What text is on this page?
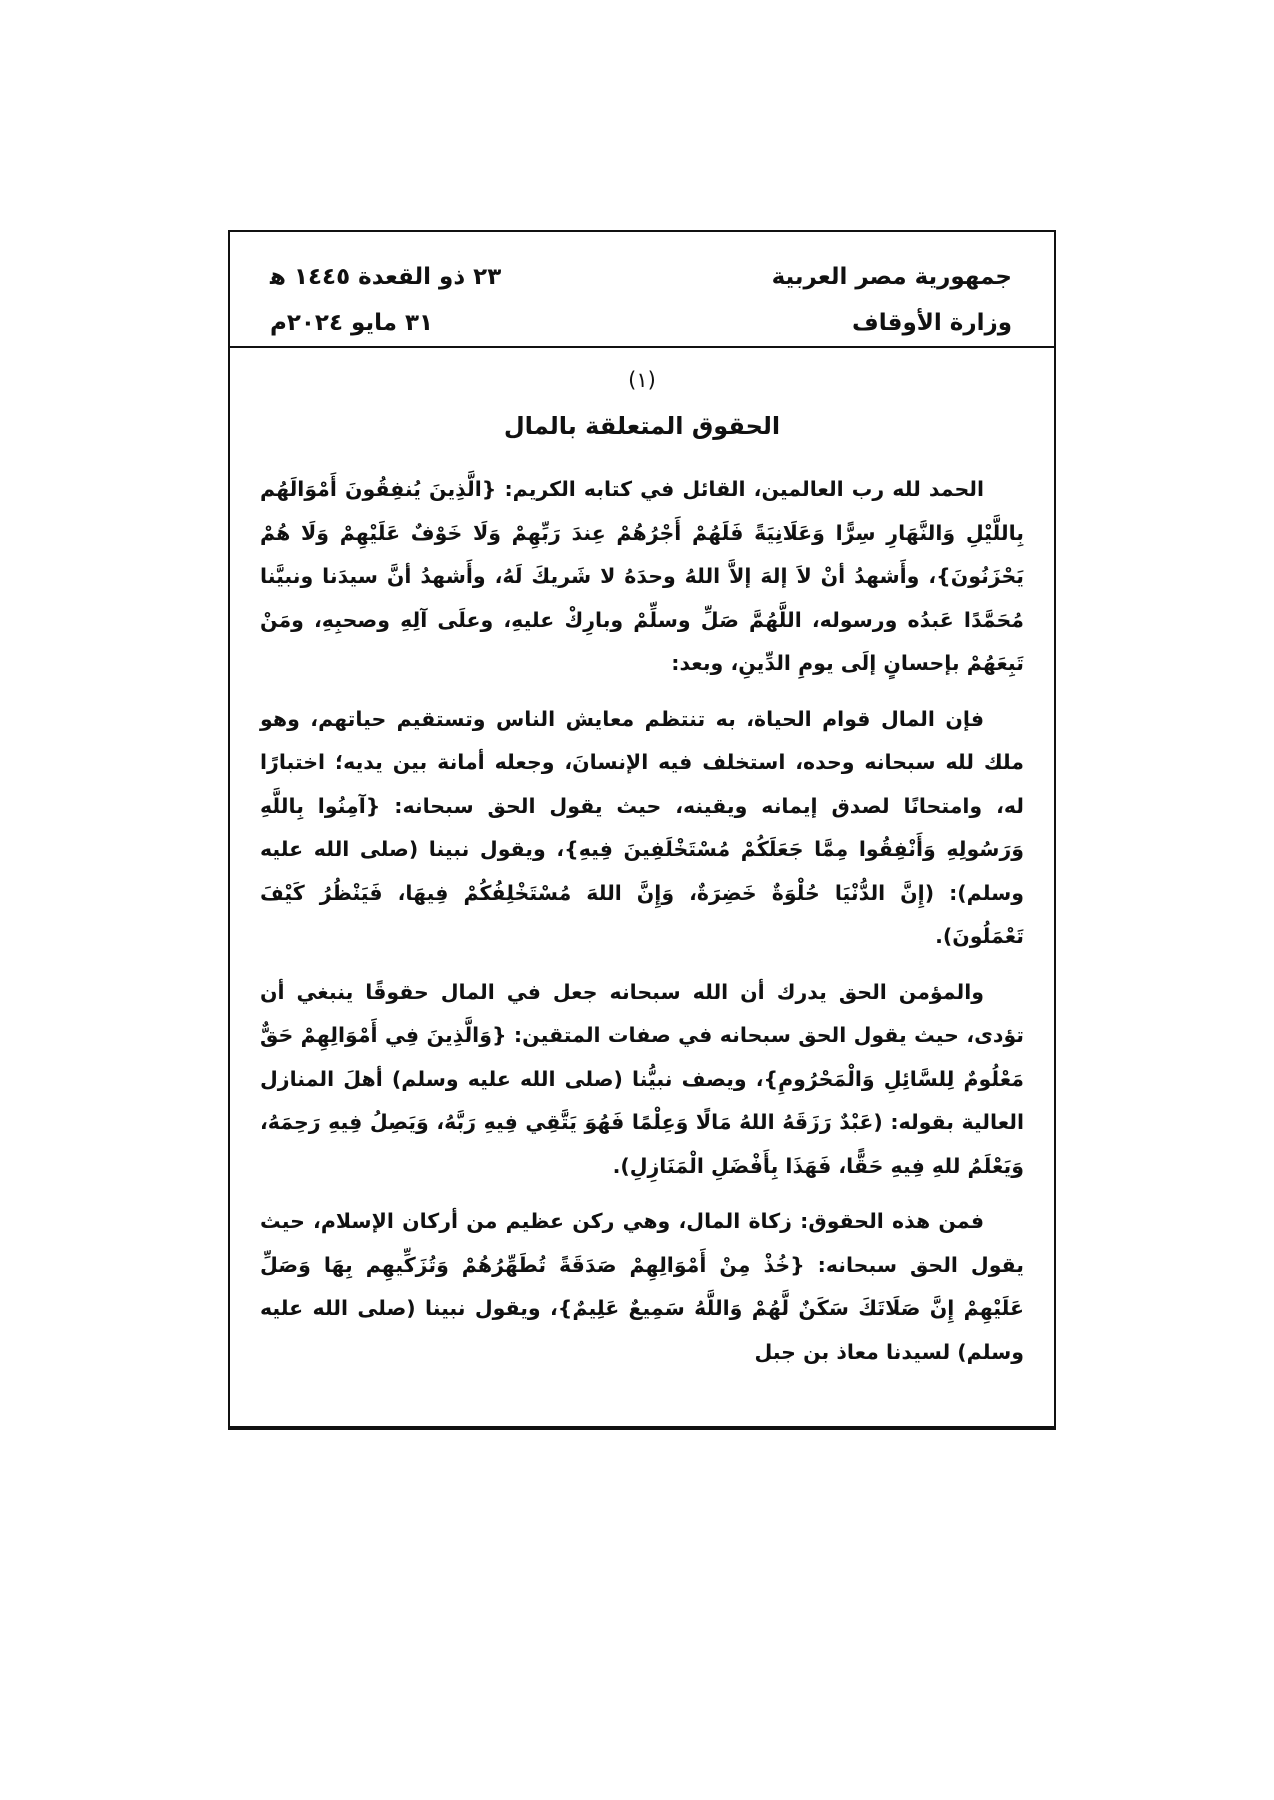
جمهورية مصر العربية
وزارة الأوقاف
٢٣ ذو القعدة ١٤٤٥ ﻫ
٣١ مايو ٢٠٢٤م
(١)
الحقوق المتعلقة بالمال

الحمد لله رب العالمين، القائل في كتابه الكريم: {الَّذِينَ يُنفِقُونَ أَمْوَالَهُم بِاللَّيْلِ وَالنَّهَارِ سِرًّا وَعَلَانِيَةً فَلَهُمْ أَجْرُهُمْ عِندَ رَبِّهِمْ وَلَا خَوْفٌ عَلَيْهِمْ وَلَا هُمْ يَحْزَنُونَ}، وأَشهدُ أنْ لاَ إلهَ إلاَّ اللهُ وحدَهُ لا شَريكَ لَهُ، وأَشهدُ أنَّ سيدَنا ونبيَّنا مُحَمَّدًا عَبدُه ورسوله، اللَّهُمَّ صَلِّ وسلِّمْ وبارِكْ عليهِ، وعلَى آلِهِ وصحبِهِ، ومَنْ تَبِعَهُمْ بإحسانٍ إلَى يومِ الدِّينِ، وبعد:

فإن المال قوام الحياة، به تنتظم معايش الناس وتستقيم حياتهم، وهو ملك لله سبحانه وحده، استخلف فيه الإنسانَ، وجعله أمانة بين يديه؛ اختبارًا له، وامتحانًا لصدق إيمانه ويقينه، حيث يقول الحق سبحانه: {آمِنُوا بِاللَّهِ وَرَسُولِهِ وَأَنْفِقُوا مِمَّا جَعَلَكُمْ مُسْتَخْلَفِينَ فِيهِ}، ويقول نبينا (صلى الله عليه وسلم): (إِنَّ الدُّنْيَا حُلْوَةٌ خَضِرَةٌ، وَإِنَّ اللهَ مُسْتَخْلِفُكُمْ فِيهَا، فَيَنْظُرُ كَيْفَ تَعْمَلُونَ).

والمؤمن الحق يدرك أن الله سبحانه جعل في المال حقوقًا ينبغي أن تؤدى، حيث يقول الحق سبحانه في صفات المتقين: {وَالَّذِينَ فِي أَمْوَالِهِمْ حَقٌّ مَعْلُومٌ لِلسَّائِلِ وَالْمَحْرُومِ}، ويصف نبيُّنا (صلى الله عليه وسلم) أهلَ المنازل العالية بقوله: (عَبْدٌ رَزَقَهُ اللهُ مَالًا وَعِلْمًا فَهُوَ يَتَّقِي فِيهِ رَبَّهُ، وَيَصِلُ فِيهِ رَحِمَهُ، وَيَعْلَمُ للهِ فِيهِ حَقًّا، فَهَذَا بِأَفْضَلِ الْمَنَازِلِ).

فمن هذه الحقوق: زكاة المال، وهي ركن عظيم من أركان الإسلام، حيث يقول الحق سبحانه: {خُذْ مِنْ أَمْوَالِهِمْ صَدَقَةً تُطَهِّرُهُمْ وَتُزَكِّيهِم بِهَا وَصَلِّ عَلَيْهِمْ إِنَّ صَلَاتَكَ سَكَنٌ لَّهُمْ وَاللَّهُ سَمِيعٌ عَلِيمٌ}، ويقول نبينا (صلى الله عليه وسلم) لسيدنا معاذ بن جبل
